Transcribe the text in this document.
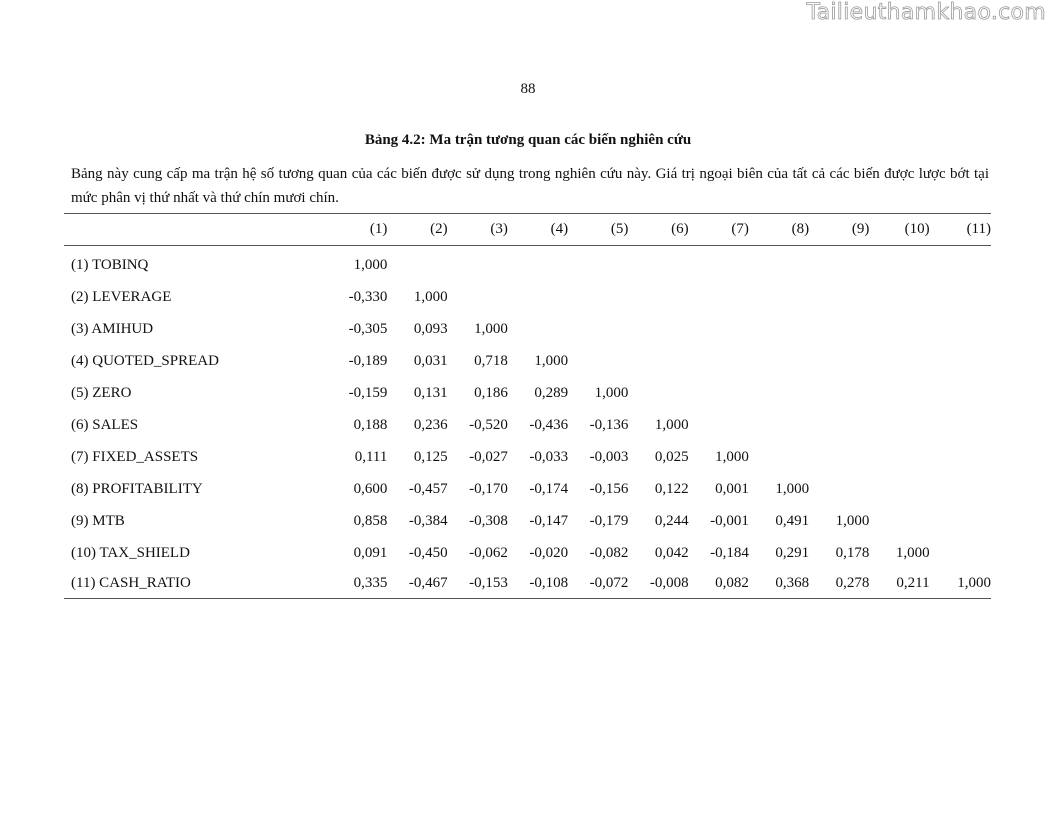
Tailieuthamkhao.com
88
Bảng 4.2: Ma trận tương quan các biến nghiên cứu
Bảng này cung cấp ma trận hệ số tương quan của các biến được sử dụng trong nghiên cứu này. Giá trị ngoại biên của tất cả các biến được lược bớt tại mức phân vị thứ nhất và thứ chín mươi chín.
	(1)	(2)	(3)	(4)	(5)	(6)	(7)	(8)	(9)	(10)	(11)
(1) TOBINQ	1,000										
(2) LEVERAGE	-0,330	1,000									
(3) AMIHUD	-0,305	0,093	1,000								
(4) QUOTED_SPREAD	-0,189	0,031	0,718	1,000							
(5) ZERO	-0,159	0,131	0,186	0,289	1,000						
(6) SALES	0,188	0,236	-0,520	-0,436	-0,136	1,000					
(7) FIXED_ASSETS	0,111	0,125	-0,027	-0,033	-0,003	0,025	1,000				
(8) PROFITABILITY	0,600	-0,457	-0,170	-0,174	-0,156	0,122	0,001	1,000			
(9) MTB	0,858	-0,384	-0,308	-0,147	-0,179	0,244	-0,001	0,491	1,000		
(10) TAX_SHIELD	0,091	-0,450	-0,062	-0,020	-0,082	0,042	-0,184	0,291	0,178	1,000	
(11) CASH_RATIO	0,335	-0,467	-0,153	-0,108	-0,072	-0,008	0,082	0,368	0,278	0,211	1,000
